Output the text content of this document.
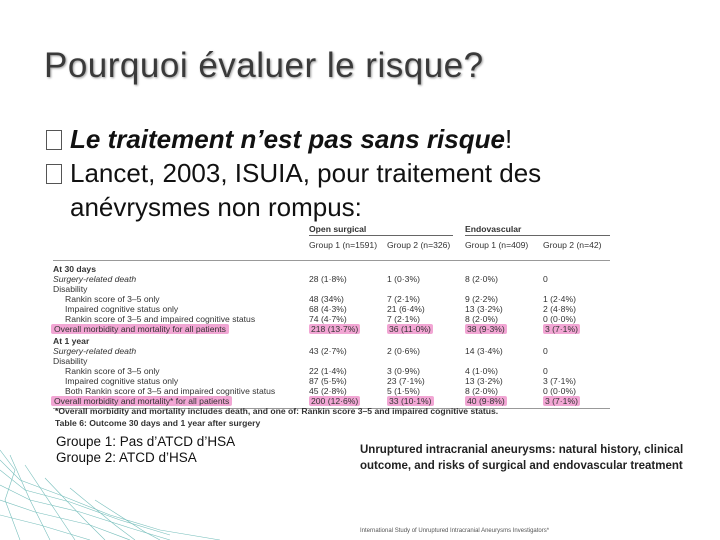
Pourquoi évaluer le risque?
Le traitement n’est pas sans risque!
Lancet, 2003, ISUIA, pour traitement des
anévrysmes non rompus:
Open surgical	Endovascular
Group 1 (n=1591) Group 2 (n=326) Group 1 (n=409) Group 2 (n=42)
At 30 days
Surgery-related death	28 (1·8%)	1 (0·3%)	8 (2·0%)	0
Disability
Rankin score of 3–5 only	48 (34%)	7 (2·1%)	9 (2·2%)	1 (2·4%)
Impaired cognitive status only	68 (4·3%)	21 (6·4%)	13 (3·2%)	2 (4·8%)
Rankin score of 3–5 and impaired cognitive status	74 (4·7%)	7 (2·1%)	8 (2·0%)	0 (0·0%)
Overall morbidity and mortality for all patients	218 (13·7%)	36 (11·0%)	38 (9·3%)	3 (7·1%)
At 1 year
Surgery-related death	43 (2·7%)	2 (0·6%)	14 (3·4%)	0
Disability
Rankin score of 3–5 only	22 (1·4%)	3 (0·9%)	4 (1·0%)	0
Impaired cognitive status only	87 (5·5%)	23 (7·1%)	13 (3·2%)	3 (7·1%)
Both Rankin score of 3–5 and impaired cognitive status	45 (2·8%)	5 (1·5%)	8 (2·0%)	0 (0·0%)
Overall morbidity and mortality* for all patients	200 (12·6%)	33 (10·1%)	40 (9·8%)	3 (7·1%)
*Overall morbidity and mortality includes death, and one of: Rankin score 3–5 and impaired cognitive status.
Table 6: Outcome 30 days and 1 year after surgery
Groupe 1: Pas d’ATCD d’HSA
Groupe 2: ATCD d’HSA	Unruptured intracranial aneurysms: natural history, clinical
outcome, and risks of surgical and endovascular treatment
International Study of Unruptured Intracranial Aneurysms Investigators*
